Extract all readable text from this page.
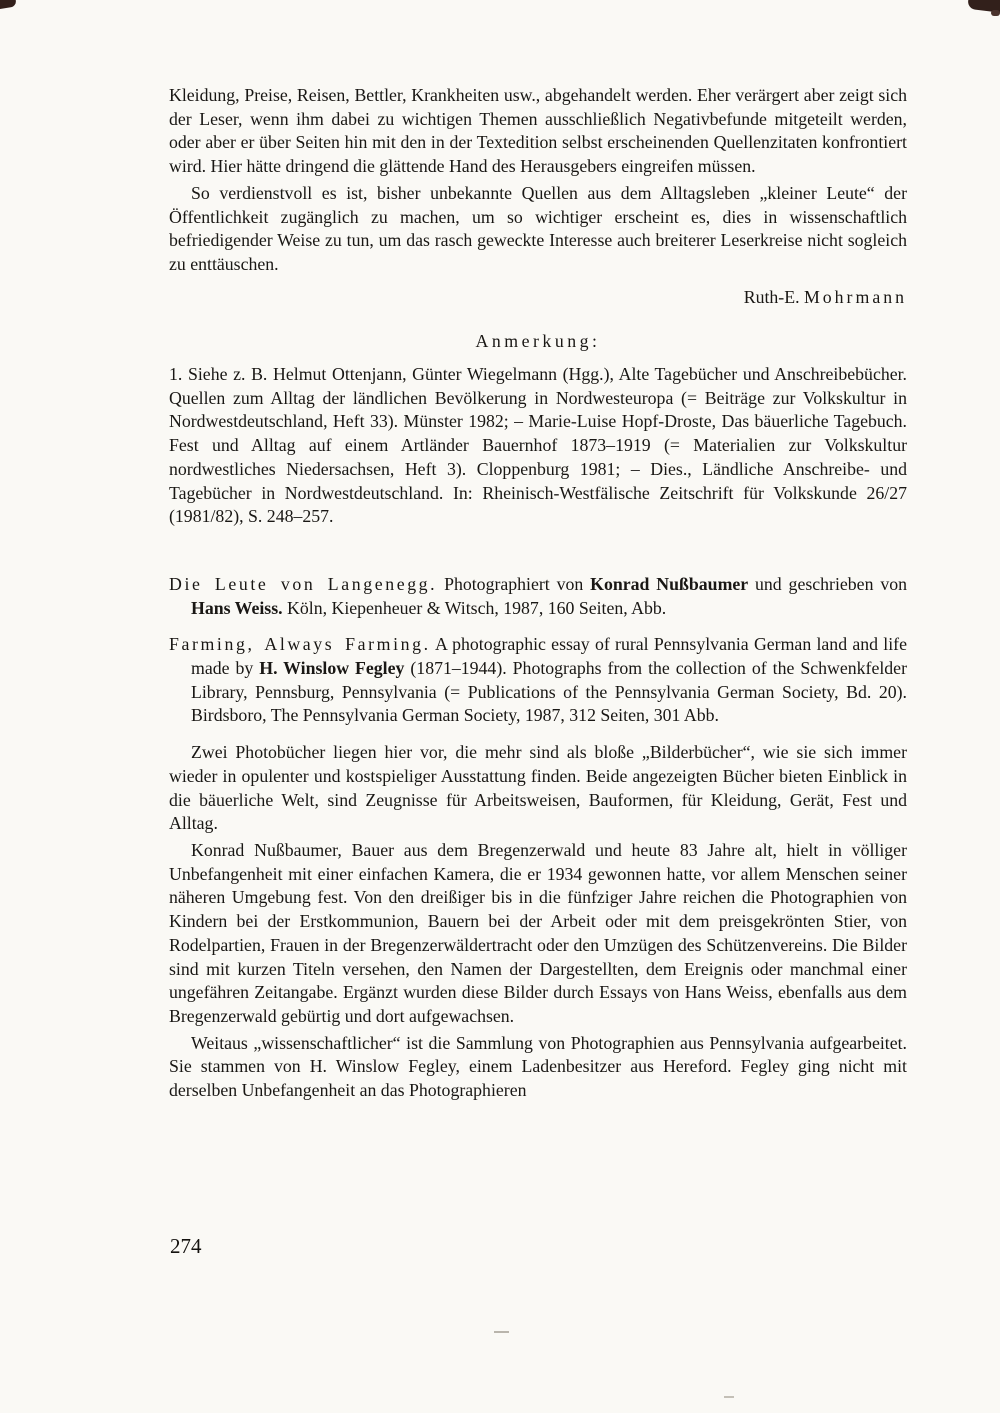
Kleidung, Preise, Reisen, Bettler, Krankheiten usw., abgehandelt werden. Eher verärgert aber zeigt sich der Leser, wenn ihm dabei zu wichtigen Themen ausschließlich Negativbefunde mitgeteilt werden, oder aber er über Seiten hin mit den in der Textedition selbst erscheinenden Quellenzitaten konfrontiert wird. Hier hätte dringend die glättende Hand des Herausgebers eingreifen müssen.

So verdienstvoll es ist, bisher unbekannte Quellen aus dem Alltagsleben „kleiner Leute“ der Öffentlichkeit zugänglich zu machen, um so wichtiger erscheint es, dies in wissenschaftlich befriedigender Weise zu tun, um das rasch geweckte Interesse auch breiterer Leserkreise nicht sogleich zu enttäuschen.

Ruth-E. Mohrmann

Anmerkung:

1. Siehe z. B. Helmut Ottenjann, Günter Wiegelmann (Hgg.), Alte Tagebücher und Anschreibebücher. Quellen zum Alltag der ländlichen Bevölkerung in Nordwesteuropa (= Beiträge zur Volkskultur in Nordwestdeutschland, Heft 33). Münster 1982; – Marie-Luise Hopf-Droste, Das bäuerliche Tagebuch. Fest und Alltag auf einem Artländer Bauernhof 1873–1919 (= Materialien zur Volkskultur nordwestliches Niedersachsen, Heft 3). Cloppenburg 1981; – Dies., Ländliche Anschreibe- und Tagebücher in Nordwestdeutschland. In: Rheinisch-Westfälische Zeitschrift für Volkskunde 26/27 (1981/82), S. 248–257.

Die Leute von Langenegg. Photographiert von Konrad Nußbaumer und geschrieben von Hans Weiss. Köln, Kiepenheuer & Witsch, 1987, 160 Seiten, Abb.

Farming, Always Farming. A photographic essay of rural Pennsylvania German land and life made by H. Winslow Fegley (1871–1944). Photographs from the collection of the Schwenkfelder Library, Pennsburg, Pennsylvania (= Publications of the Pennsylvania German Society, Bd. 20). Birdsboro, The Pennsylvania German Society, 1987, 312 Seiten, 301 Abb.

Zwei Photobücher liegen hier vor, die mehr sind als bloße „Bilderbücher“, wie sie sich immer wieder in opulenter und kostspieliger Ausstattung finden. Beide angezeigten Bücher bieten Einblick in die bäuerliche Welt, sind Zeugnisse für Arbeitsweisen, Bauformen, für Kleidung, Gerät, Fest und Alltag.

Konrad Nußbaumer, Bauer aus dem Bregenzerwald und heute 83 Jahre alt, hielt in völliger Unbefangenheit mit einer einfachen Kamera, die er 1934 gewonnen hatte, vor allem Menschen seiner näheren Umgebung fest. Von den dreißiger bis in die fünfziger Jahre reichen die Photographien von Kindern bei der Erstkommunion, Bauern bei der Arbeit oder mit dem preisgekrönten Stier, von Rodelpartien, Frauen in der Bregenzerwäldertracht oder den Umzügen des Schützenvereins. Die Bilder sind mit kurzen Titeln versehen, den Namen der Dargestellten, dem Ereignis oder manchmal einer ungefähren Zeitangabe. Ergänzt wurden diese Bilder durch Essays von Hans Weiss, ebenfalls aus dem Bregenzerwald gebürtig und dort aufgewachsen.

Weitaus „wissenschaftlicher“ ist die Sammlung von Photographien aus Pennsylvania aufgearbeitet. Sie stammen von H. Winslow Fegley, einem Ladenbesitzer aus Hereford. Fegley ging nicht mit derselben Unbefangenheit an das Photographieren

274
